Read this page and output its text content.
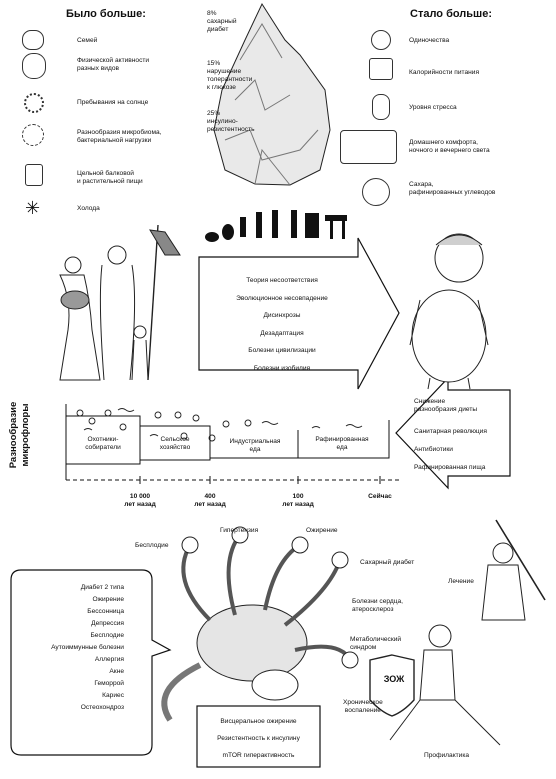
Было больше:	Стало больше:
Семей
Физической активности
разных видов
Пребывания на солнце
Разнообразия микробиома,
бактериальной нагрузки
Цельной балковой
и растительной пищи
✳	Холода
8%
сахарный
диабет
15%
нарушение
толерантности
к глюкозе
25%
инсулино-
резистентность
Одиночества
Калорийности питания
Уровня стресса
Домашнего комфорта,
ночного и вечернего света
Сахара,
рафинированных углеводов
Теория несоответствия
Эволюционное несовпадение
Дисинхрозы
Дезадаптация
Болезни цивилизации
Болезни изобилия
Снижение
разнообразия диеты
Санитарная революция
Антибиотики
Рафинированная пища
Разнообразие
микрофлоры	Охотники-
собиратели
Сельское
хозяйство
Индустриальная
еда
Рафинированная
еда
10 000
лет назад
400
лет назад
100
лет назад
Сейчас
Диабет 2 типа
Ожирение
Бессонница
Депрессия
Бесплодие
Аутоиммунные болезни
Аллергия
Акне
Геморрой
Кариес
Остеохондроз
Бесплодие
Гипертензия	Ожирение
Сахарный диабет
Болезни сердца,
атеросклероз
Метаболический
синдром
Хроническое
воспаление
Висцеральное ожирение
Резистентность к инсулину
mTOR гиперактивность
Лечение
Профилактика
ЗОЖ
